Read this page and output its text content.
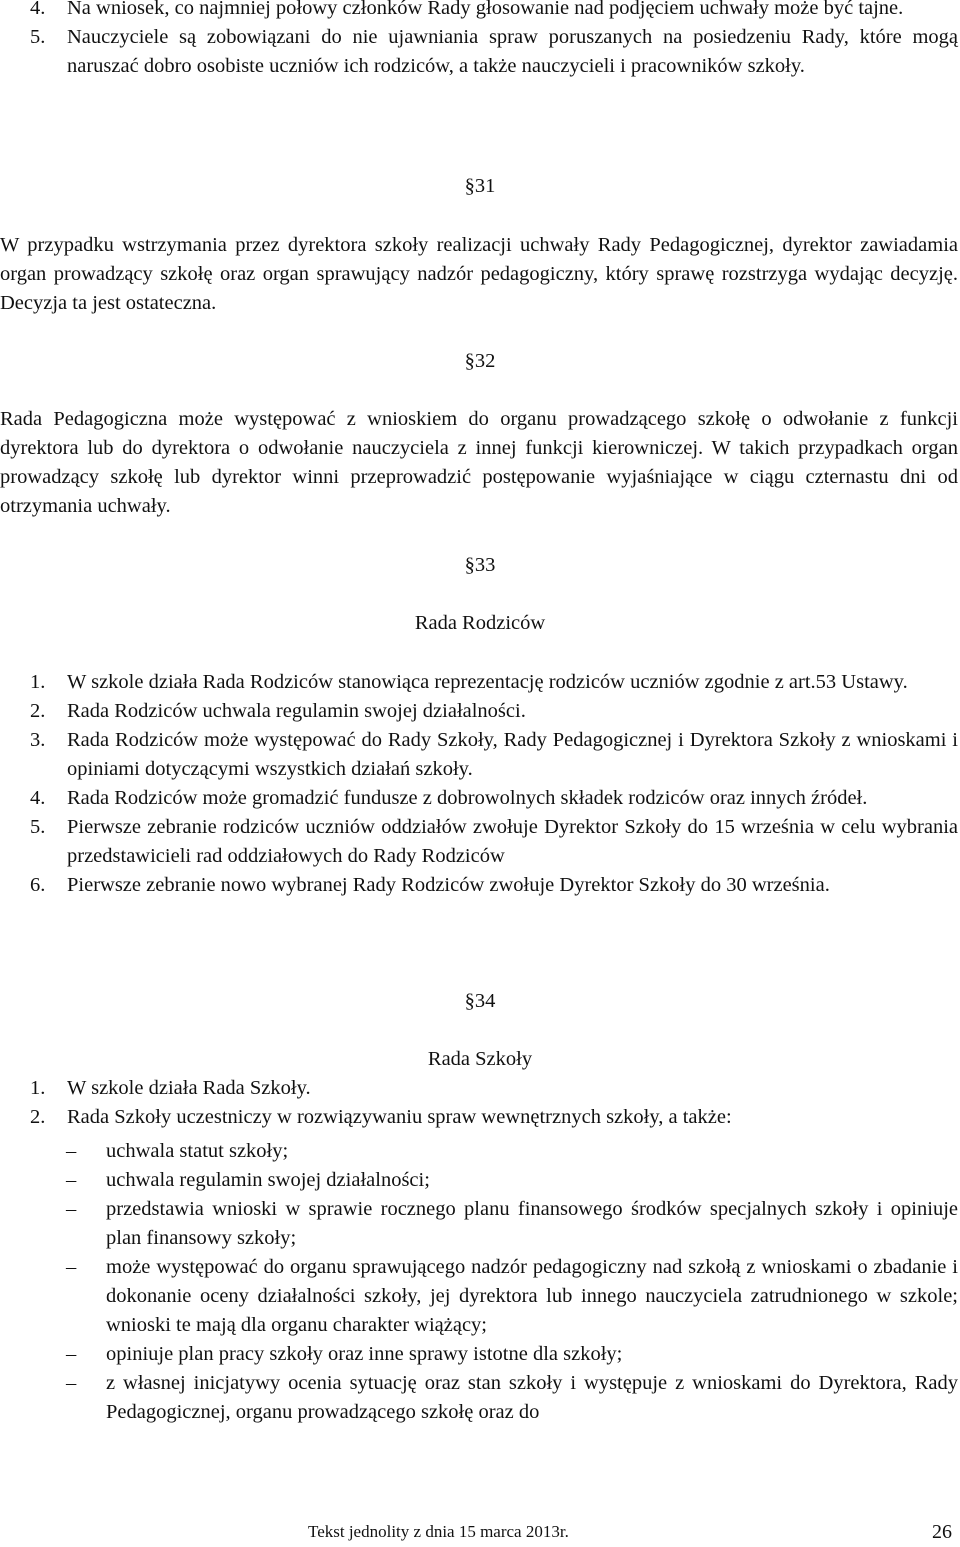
4. Na wniosek, co najmniej połowy członków Rady głosowanie nad podjęciem uchwały może być tajne.
5. Nauczyciele są zobowiązani do nie ujawniania spraw poruszanych na posiedzeniu Rady, które mogą naruszać dobro osobiste uczniów ich rodziców, a także nauczycieli i pracowników szkoły.
§31
W przypadku wstrzymania przez dyrektora szkoły realizacji uchwały Rady Pedagogicznej, dyrektor zawiadamia organ prowadzący szkołę oraz organ sprawujący nadzór pedagogiczny, który sprawę rozstrzyga wydając decyzję. Decyzja ta jest ostateczna.
§32
Rada Pedagogiczna może występować z wnioskiem do organu prowadzącego szkołę o odwołanie z funkcji dyrektora lub do dyrektora o odwołanie nauczyciela z innej funkcji kierowniczej. W takich przypadkach organ prowadzący szkołę lub dyrektor winni przeprowadzić postępowanie wyjaśniające w ciągu czternastu dni od otrzymania uchwały.
§33
Rada Rodziców
1. W szkole działa Rada Rodziców stanowiąca reprezentację rodziców uczniów zgodnie z art.53 Ustawy.
2. Rada Rodziców uchwala regulamin swojej działalności.
3. Rada Rodziców może występować do Rady Szkoły, Rady Pedagogicznej i Dyrektora Szkoły z wnioskami i opiniami dotyczącymi wszystkich działań szkoły.
4. Rada Rodziców może gromadzić fundusze z dobrowolnych składek rodziców oraz innych źródeł.
5. Pierwsze zebranie rodziców uczniów oddziałów zwołuje Dyrektor Szkoły do 15 września w celu wybrania przedstawicieli rad oddziałowych do Rady Rodziców
6. Pierwsze zebranie nowo wybranej Rady Rodziców zwołuje Dyrektor Szkoły do 30 września.
§34
Rada Szkoły
1. W szkole działa Rada Szkoły.
2. Rada Szkoły uczestniczy w rozwiązywaniu spraw wewnętrznych szkoły, a także:
– uchwala statut szkoły;
– uchwala regulamin swojej działalności;
– przedstawia wnioski w sprawie rocznego planu finansowego środków specjalnych szkoły i opiniuje plan finansowy szkoły;
– może występować do organu sprawującego nadzór pedagogiczny nad szkołą z wnioskami o zbadanie i dokonanie oceny działalności szkoły, jej dyrektora lub innego nauczyciela zatrudnionego w szkole; wnioski te mają dla organu charakter wiążący;
– opiniuje plan pracy szkoły oraz inne sprawy istotne dla szkoły;
– z własnej inicjatywy ocenia sytuację oraz stan szkoły i występuje z wnioskami do Dyrektora, Rady Pedagogicznej, organu prowadzącego szkołę oraz do
Tekst jednolity z dnia 15 marca 2013r.	26
